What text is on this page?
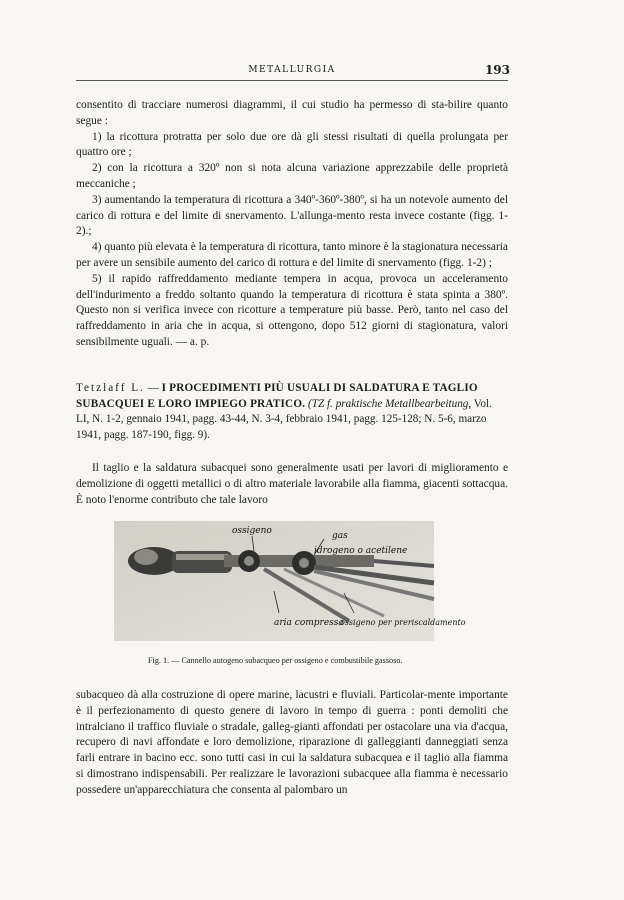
METALLURGIA	193

consentito di tracciare numerosi diagrammi, il cui studio ha permesso di sta-bilire quanto segue :

1) la ricottura protratta per solo due ore dà gli stessi risultati di quella prolungata per quattro ore ;

2) con la ricottura a 320º non si nota alcuna variazione apprezzabile delle proprietà meccaniche ;

3) aumentando la temperatura di ricottura a 340º-360º-380º, si ha un notevole aumento del carico di rottura e del limite di snervamento. L'allunga-mento resta invece costante (figg. 1-2).;

4) quanto più elevata è la temperatura di ricottura, tanto minore è la stagionatura necessaria per avere un sensibile aumento del carico di rottura e del limite di snervamento (figg. 1-2) ;

5) il rapido raffreddamento mediante tempera in acqua, provoca un acceleramento dell'indurimento a freddo soltanto quando la temperatura di ricottura è stata spinta a 380º. Questo non si verifica invece con ricotture a temperature più basse. Però, tanto nel caso del raffreddamento in aria che in acqua, si ottengono, dopo 512 giorni di stagionatura, valori sensibilmente uguali. — a. p.

Tetzlaff L. — I PROCEDIMENTI PIÙ USUALI DI SALDATURA E TAGLIO SUBACQUEI E LORO IMPIEGO PRATICO. (TZ f. praktische Metallbearbeitung, Vol. LI, N. 1-2, gennaio 1941, pagg. 43-44, N. 3-4, febbraio 1941, pagg. 125-128; N. 5-6, marzo 1941, pagg. 187-190, figg. 9).

Il taglio e la saldatura subacquei sono generalmente usati per lavori di miglioramento e demolizione di oggetti metallici o di altro materiale lavorabile alla fiamma, giacenti sottacqua. È noto l'enorme contributo che tale lavoro

ossigeno	gas
idrogeno o acetilene
aria compressa
ossigeno per preriscaldamento
Fig. 1. — Cannello autogeno subacqueo per ossigeno e combustibile gassoso.

subacqueo dà alla costruzione di opere marine, lacustri e fluviali. Particolar-mente importante è il perfezionamento di questo genere di lavoro in tempo di guerra : ponti demoliti che intralciano il traffico fluviale o stradale, galleg-gianti affondati per ostacolare una via d'acqua, recupero di navi affondate e loro demolizione, riparazione di galleggianti danneggiati senza farli entrare in bacino ecc. sono tutti casi in cui la saldatura subacquea e il taglio alla fiamma si dimostrano indispensabili. Per realizzare le lavorazioni subacquee alla fiamma è necessario possedere un'apparecchiatura che consenta al palombaro un
